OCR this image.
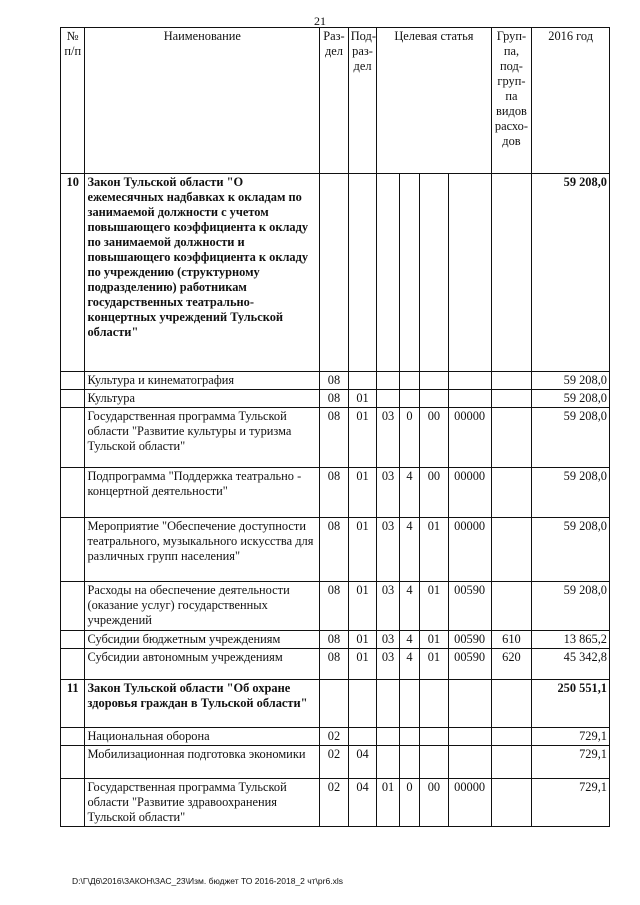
21
№ п/п	Наименование	Раз-дел	Под-раз-дел	Целевая статья				Груп-па, под-груп-па видов расхо-дов	2016 год
10	Закон Тульской области "О ежемесячных надбавках к окладам по занимаемой должности с учетом повышающего коэффициента к окладу по занимаемой должности и повышающего коэффициента к окладу по учреждению (структурному подразделению) работникам государственных театрально-концертных учреждений Тульской области"								59 208,0
	Культура и кинематография	08							59 208,0
	Культура	08	01						59 208,0
	Государственная программа Тульской области "Развитие культуры и туризма Тульской области"	08	01	03	0	00	00000		59 208,0
	Подпрограмма "Поддержка театрально - концертной деятельности"	08	01	03	4	00	00000		59 208,0
	Мероприятие "Обеспечение доступности театрального, музыкального искусства для различных групп населения"	08	01	03	4	01	00000		59 208,0
	Расходы на обеспечение деятельности (оказание услуг) государственных учреждений	08	01	03	4	01	00590		59 208,0
	Субсидии бюджетным учреждениям	08	01	03	4	01	00590	610	13 865,2
	Субсидии автономным учреждениям	08	01	03	4	01	00590	620	45 342,8
11	Закон Тульской области "Об охране здоровья граждан в Тульской области"								250 551,1
	Национальная оборона	02							729,1
	Мобилизационная подготовка экономики	02	04						729,1
	Государственная программа Тульской области "Развитие здравоохранения Тульской области"	02	04	01	0	00	00000		729,1
D:\Г\Д6\2016\ЗАКОН\ЗАС_23\Изм. бюджет ТО 2016-2018_2 чт\pr6.xls
